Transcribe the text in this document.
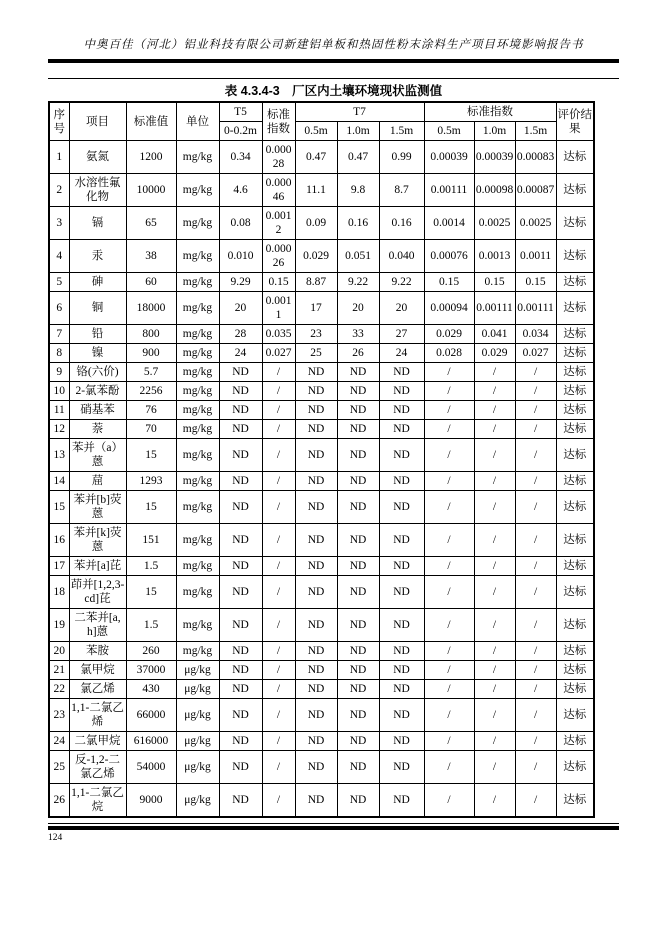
中奥百佳（河北）铝业科技有限公司新建铝单板和热固性粉末涂料生产项目环境影响报告书
表 4.3.4-3　厂区内土壤环境现状监测值
序号	项目	标准值	单位	T5	标准指数	T7			标准指数			评价结果
				0-0.2m		0.5m	1.0m	1.5m	0.5m	1.0m	1.5m	
1	氨氮	1200	mg/kg	0.34	0.00028	0.47	0.47	0.99	0.00039	0.00039	0.00083	达标
2	水溶性氟化物	10000	mg/kg	4.6	0.00046	11.1	9.8	8.7	0.00111	0.00098	0.00087	达标
3	镉	65	mg/kg	0.08	0.0012	0.09	0.16	0.16	0.0014	0.0025	0.0025	达标
4	汞	38	mg/kg	0.010	0.00026	0.029	0.051	0.040	0.00076	0.0013	0.0011	达标
5	砷	60	mg/kg	9.29	0.15	8.87	9.22	9.22	0.15	0.15	0.15	达标
6	铜	18000	mg/kg	20	0.0011	17	20	20	0.00094	0.00111	0.00111	达标
7	铅	800	mg/kg	28	0.035	23	33	27	0.029	0.041	0.034	达标
8	镍	900	mg/kg	24	0.027	25	26	24	0.028	0.029	0.027	达标
9	铬(六价)	5.7	mg/kg	ND	/	ND	ND	ND	/	/	/	达标
10	2-氯苯酚	2256	mg/kg	ND	/	ND	ND	ND	/	/	/	达标
11	硝基苯	76	mg/kg	ND	/	ND	ND	ND	/	/	/	达标
12	萘	70	mg/kg	ND	/	ND	ND	ND	/	/	/	达标
13	苯并（a）蒽	15	mg/kg	ND	/	ND	ND	ND	/	/	/	达标
14	䓛	1293	mg/kg	ND	/	ND	ND	ND	/	/	/	达标
15	苯并[b]荧蒽	15	mg/kg	ND	/	ND	ND	ND	/	/	/	达标
16	苯并[k]荧蒽	151	mg/kg	ND	/	ND	ND	ND	/	/	/	达标
17	苯并[a]芘	1.5	mg/kg	ND	/	ND	ND	ND	/	/	/	达标
18	茚并[1,2,3-cd]芘	15	mg/kg	ND	/	ND	ND	ND	/	/	/	达标
19	二苯并[a,h]蒽	1.5	mg/kg	ND	/	ND	ND	ND	/	/	/	达标
20	苯胺	260	mg/kg	ND	/	ND	ND	ND	/	/	/	达标
21	氯甲烷	37000	μg/kg	ND	/	ND	ND	ND	/	/	/	达标
22	氯乙烯	430	μg/kg	ND	/	ND	ND	ND	/	/	/	达标
23	1,1-二氯乙烯	66000	μg/kg	ND	/	ND	ND	ND	/	/	/	达标
24	二氯甲烷	616000	μg/kg	ND	/	ND	ND	ND	/	/	/	达标
25	反-1,2-二氯乙烯	54000	μg/kg	ND	/	ND	ND	ND	/	/	/	达标
26	1,1-二氯乙烷	9000	μg/kg	ND	/	ND	ND	ND	/	/	/	达标
124
